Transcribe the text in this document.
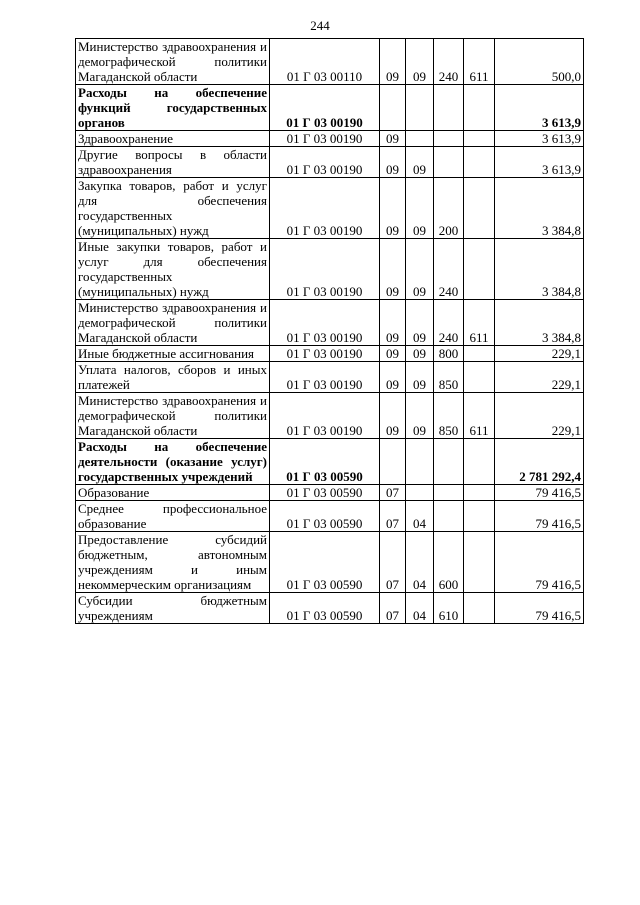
244
Министерство здравоохранения и демографической политики Магаданской области	01 Г 03 00110	09	09	240	611	500,0
Расходы на обеспечение функций государственных органов	01 Г 03 00190					3 613,9
Здравоохранение	01 Г 03 00190	09				3 613,9
Другие вопросы в области здравоохранения	01 Г 03 00190	09	09			3 613,9
Закупка товаров, работ и услуг для обеспечения государственных (муниципальных) нужд	01 Г 03 00190	09	09	200		3 384,8
Иные закупки товаров, работ и услуг для обеспечения государственных (муниципальных) нужд	01 Г 03 00190	09	09	240		3 384,8
Министерство здравоохранения и демографической политики Магаданской области	01 Г 03 00190	09	09	240	611	3 384,8
Иные бюджетные ассигнования	01 Г 03 00190	09	09	800		229,1
Уплата налогов, сборов и иных платежей	01 Г 03 00190	09	09	850		229,1
Министерство здравоохранения и демографической политики Магаданской области	01 Г 03 00190	09	09	850	611	229,1
Расходы на обеспечение деятельности (оказание услуг) государственных учреждений	01 Г 03 00590					2 781 292,4
Образование	01 Г 03 00590	07				79 416,5
Среднее профессиональное образование	01 Г 03 00590	07	04			79 416,5
Предоставление субсидий бюджетным, автономным учреждениям и иным некоммерческим организациям	01 Г 03 00590	07	04	600		79 416,5
Субсидии бюджетным учреждениям	01 Г 03 00590	07	04	610		79 416,5
